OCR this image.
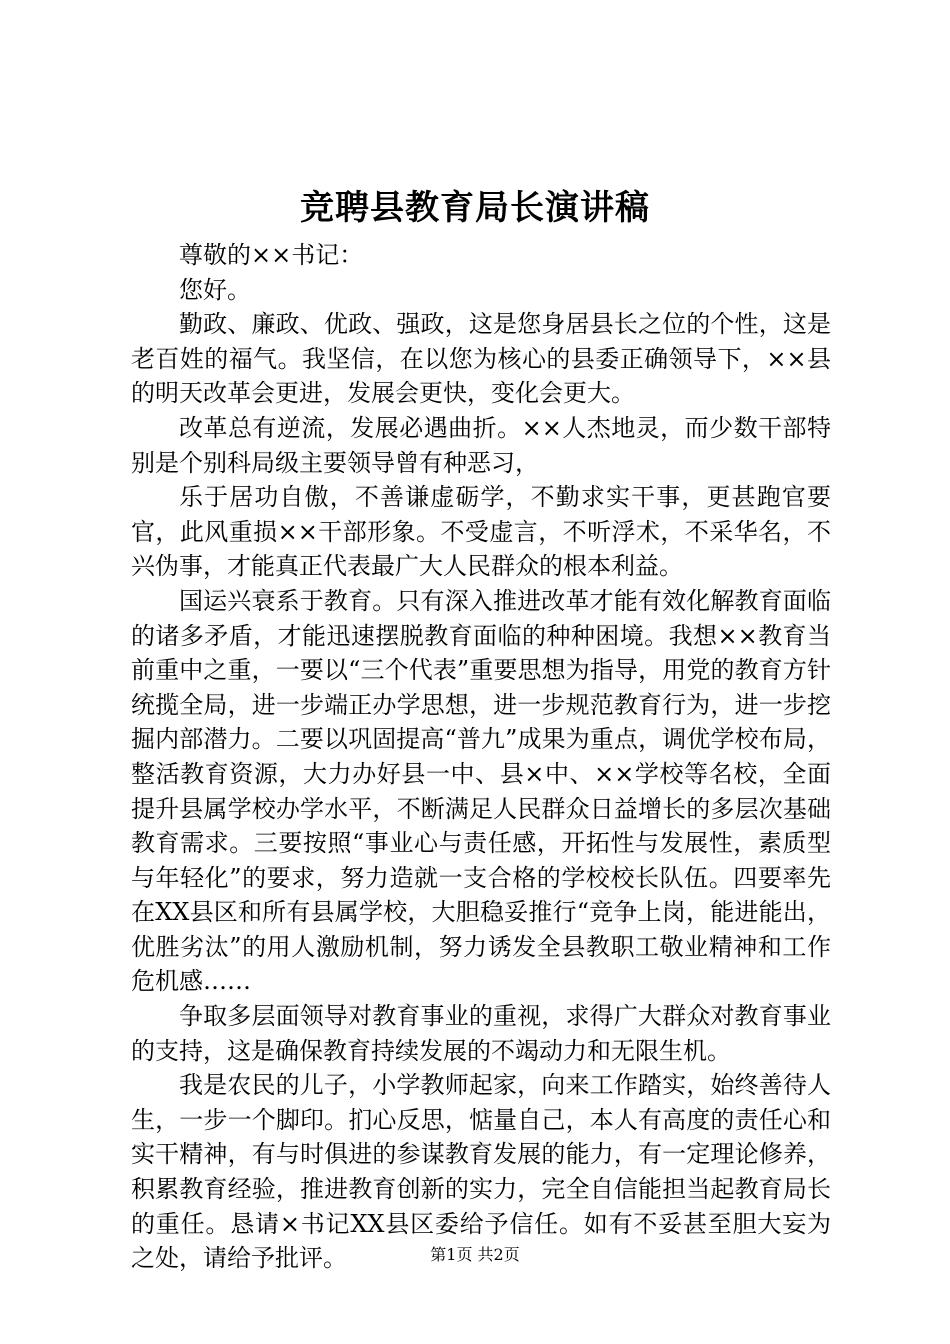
竞聘县教育局长演讲稿

尊敬的××书记：

您好。

勤政、廉政、优政、强政，这是您身居县长之位的个性，这是老百姓的福气。我坚信，在以您为核心的县委正确领导下，××县的明天改革会更进，发展会更快，变化会更大。

改革总有逆流，发展必遇曲折。××人杰地灵，而少数干部特别是个别科局级主要领导曾有种恶习，

乐于居功自傲，不善谦虚砺学，不勤求实干事，更甚跑官要官，此风重损××干部形象。不受虚言，不听浮术，不采华名，不兴伪事，才能真正代表最广大人民群众的根本利益。

国运兴衰系于教育。只有深入推进改革才能有效化解教育面临的诸多矛盾，才能迅速摆脱教育面临的种种困境。我想××教育当前重中之重，一要以“三个代表”重要思想为指导，用党的教育方针统揽全局，进一步端正办学思想，进一步规范教育行为，进一步挖掘内部潜力。二要以巩固提高“普九”成果为重点，调优学校布局，整活教育资源，大力办好县一中、县×中、××学校等名校，全面提升县属学校办学水平，不断满足人民群众日益增长的多层次基础教育需求。三要按照“事业心与责任感，开拓性与发展性，素质型与年轻化”的要求，努力造就一支合格的学校校长队伍。四要率先在XX县区和所有县属学校，大胆稳妥推行“竞争上岗，能进能出，优胜劣汰”的用人激励机制，努力诱发全县教职工敬业精神和工作危机感……

争取多层面领导对教育事业的重视，求得广大群众对教育事业的支持，这是确保教育持续发展的不竭动力和无限生机。

我是农民的儿子，小学教师起家，向来工作踏实，始终善待人生，一步一个脚印。扪心反思，惦量自己，本人有高度的责任心和实干精神，有与时俱进的参谋教育发展的能力，有一定理论修养，积累教育经验，推进教育创新的实力，完全自信能担当起教育局长的重任。恳请×书记XX县区委给予信任。如有不妥甚至胆大妄为之处，请给予批评。	第1页 共2页
